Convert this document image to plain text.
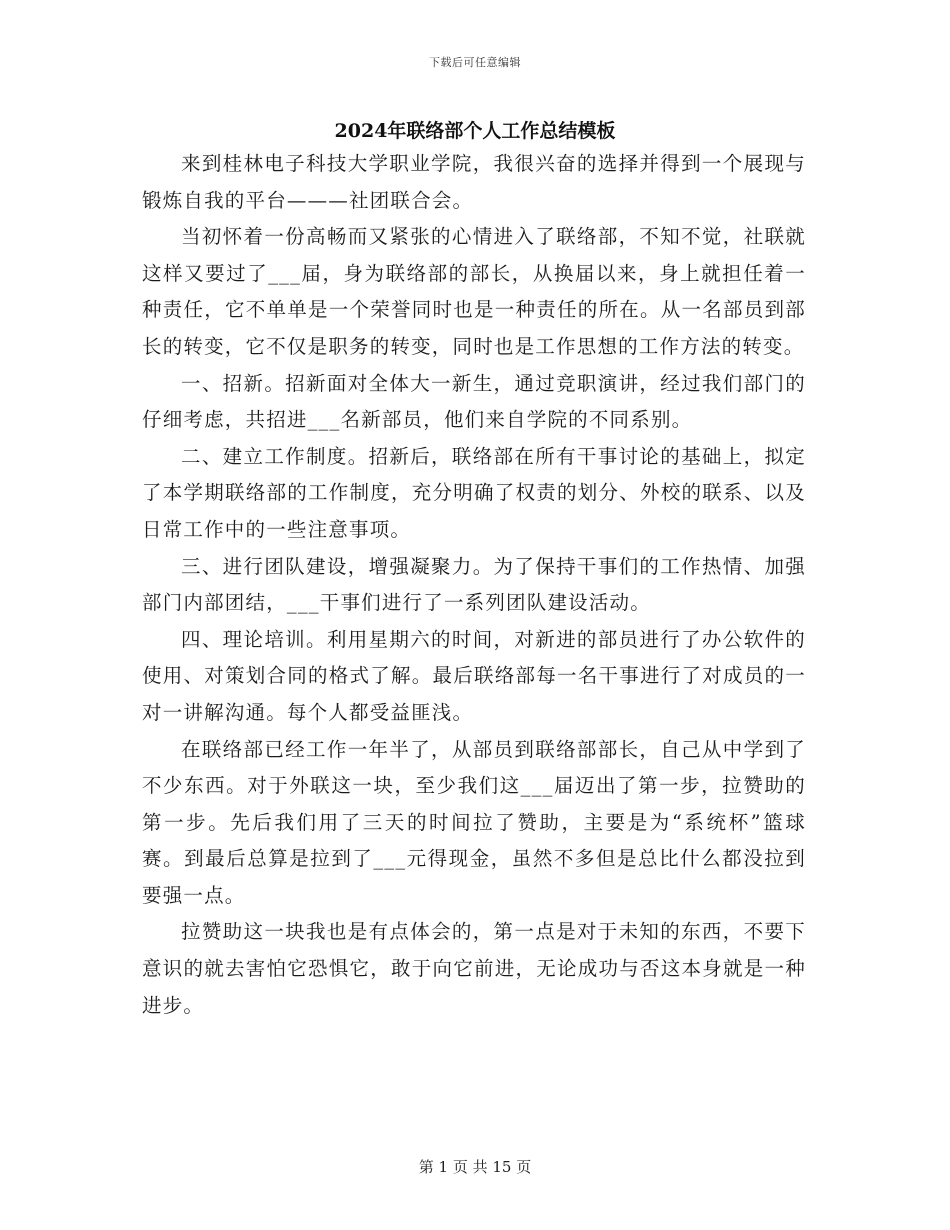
下载后可任意编辑
2024年联络部个人工作总结模板

来到桂林电子科技大学职业学院，我很兴奋的选择并得到一个展现与锻炼自我的平台———社团联合会。

当初怀着一份高畅而又紧张的心情进入了联络部，不知不觉，社联就这样又要过了___届，身为联络部的部长，从换届以来，身上就担任着一种责任，它不单单是一个荣誉同时也是一种责任的所在。从一名部员到部长的转变，它不仅是职务的转变，同时也是工作思想的工作方法的转变。

一、招新。招新面对全体大一新生，通过竞职演讲，经过我们部门的仔细考虑，共招进___名新部员，他们来自学院的不同系别。

二、建立工作制度。招新后，联络部在所有干事讨论的基础上，拟定了本学期联络部的工作制度，充分明确了权责的划分、外校的联系、以及日常工作中的一些注意事项。

三、进行团队建设，增强凝聚力。为了保持干事们的工作热情、加强部门内部团结，___干事们进行了一系列团队建设活动。

四、理论培训。利用星期六的时间，对新进的部员进行了办公软件的使用、对策划合同的格式了解。最后联络部每一名干事进行了对成员的一对一讲解沟通。每个人都受益匪浅。

在联络部已经工作一年半了，从部员到联络部部长，自己从中学到了不少东西。对于外联这一块，至少我们这___届迈出了第一步，拉赞助的第一步。先后我们用了三天的时间拉了赞助，主要是为“系统杯”篮球赛。到最后总算是拉到了___元得现金，虽然不多但是总比什么都没拉到要强一点。

拉赞助这一块我也是有点体会的，第一点是对于未知的东西，不要下意识的就去害怕它恐惧它，敢于向它前进，无论成功与否这本身就是一种进步。

第 1 页 共 15 页
